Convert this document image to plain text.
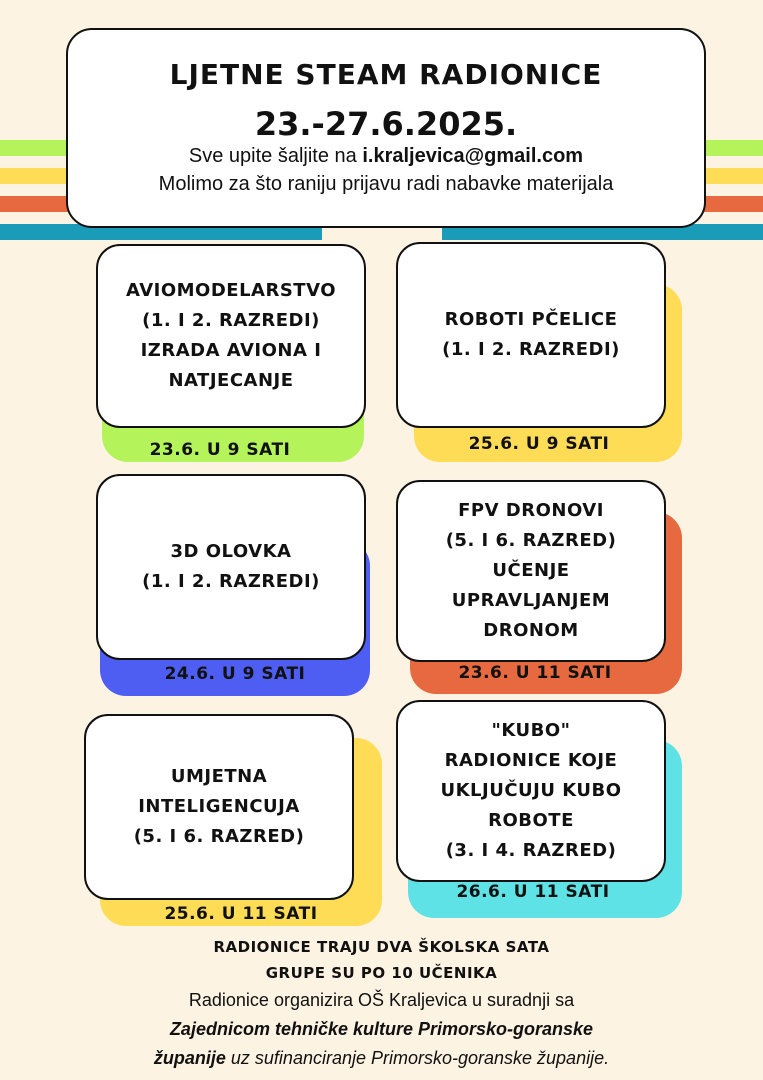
LJETNE STEAM RADIONICE
23.-27.6.2025.
Sve upite šaljite na i.kraljevica@gmail.com
Molimo za što raniju prijavu radi nabavke materijala
AVIOMODELARSTVO
(1. I 2. RAZREDI)
IZRADA AVIONA I
NATJECANJE
23.6. U 9 SATI
ROBOTI PČELICE
(1. I 2. RAZREDI)
25.6. U 9 SATI
3D OLOVKA
(1. I 2. RAZREDI)
24.6. U 9 SATI
FPV DRONOVI
(5. I 6. RAZRED)
UČENJE
UPRAVLJANJEM
DRONOM
23.6. U 11 SATI
UMJETNA
INTELIGENCUJA
(5. I 6. RAZRED)
25.6. U 11 SATI
"KUBO"
RADIONICE KOJE
UKLJUČUJU KUBO
ROBOTE
(3. I 4. RAZRED)
26.6. U 11 SATI
RADIONICE TRAJU DVA ŠKOLSKA SATA
GRUPE SU PO 10 UČENIKA
Radionice organizira OŠ Kraljevica u suradnji sa
Zajednicom tehničke kulture Primorsko-goranske
županije uz sufinanciranje Primorsko-goranske županije.
